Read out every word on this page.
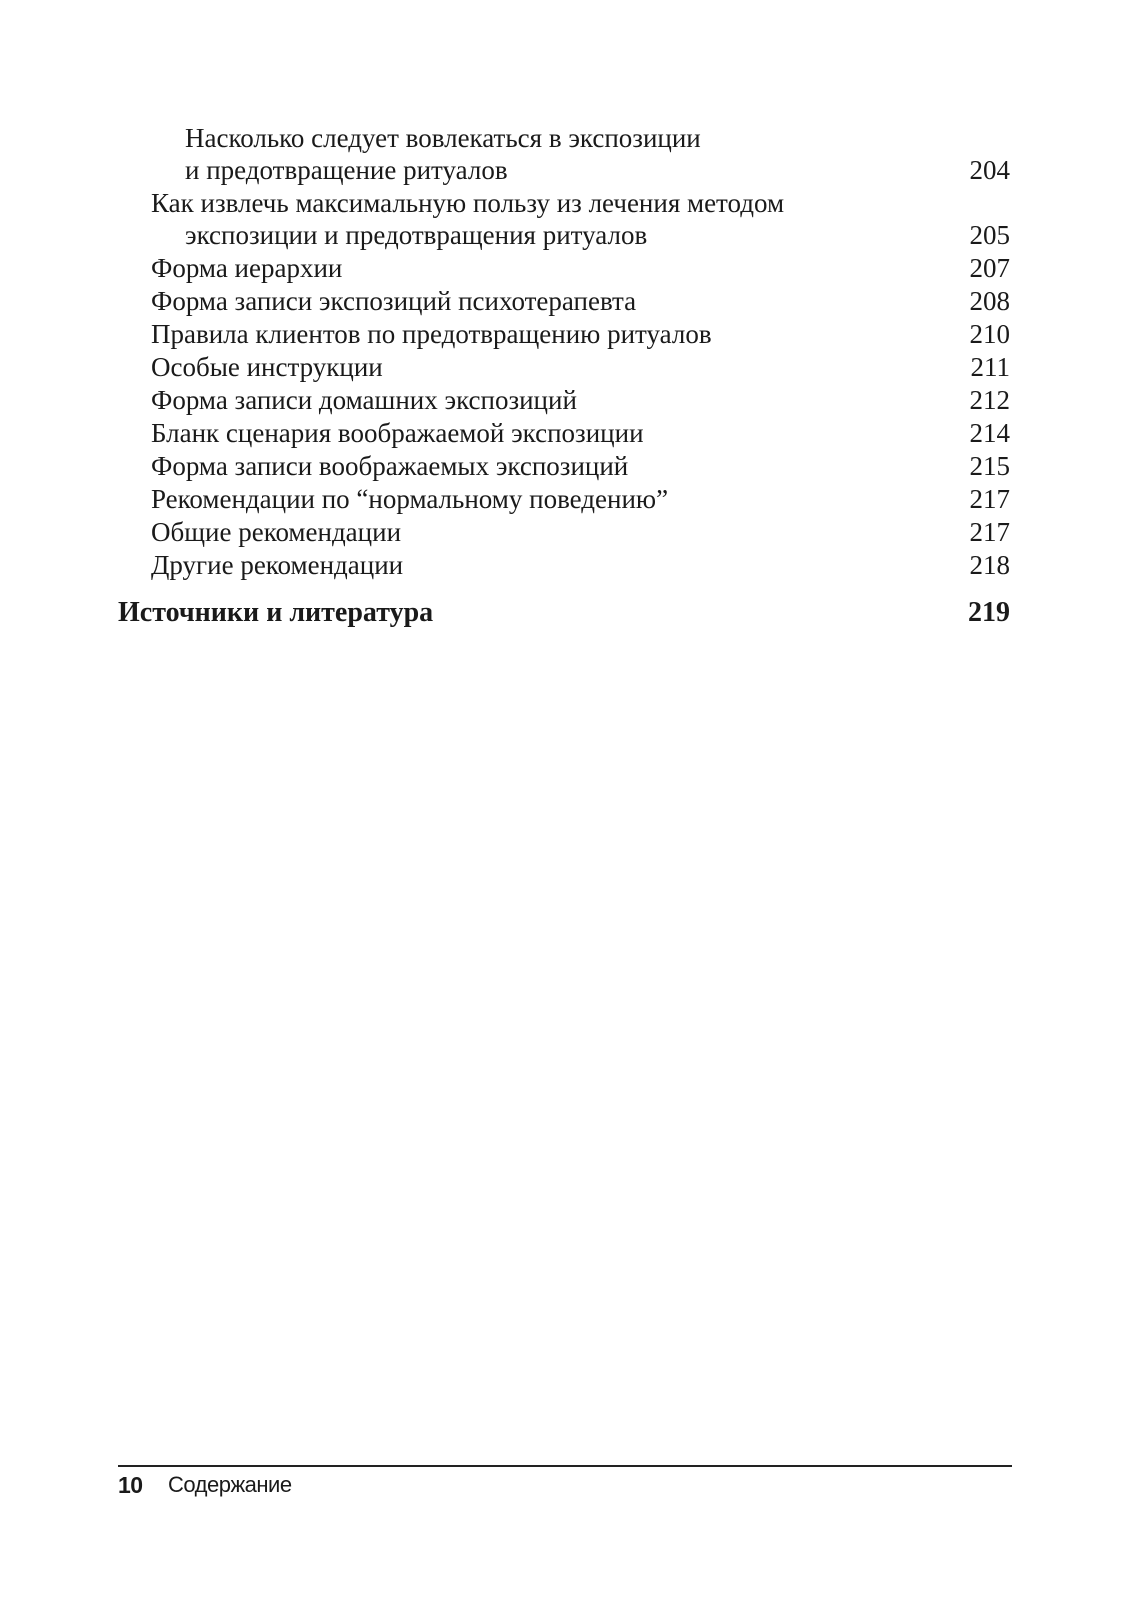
Насколько следует вовлекаться в экспозиции
и предотвращение ритуалов	204
Как извлечь максимальную пользу из лечения методом
экспозиции и предотвращения ритуалов	205
Форма иерархии	207
Форма записи экспозиций психотерапевта	208
Правила клиентов по предотвращению ритуалов	210
Особые инструкции	211
Форма записи домашних экспозиций	212
Бланк сценария воображаемой экспозиции	214
Форма записи воображаемых экспозиций	215
Рекомендации по “нормальному поведению”	217
Общие рекомендации	217
Другие рекомендации	218
Источники и литература	219
10 Содержание
